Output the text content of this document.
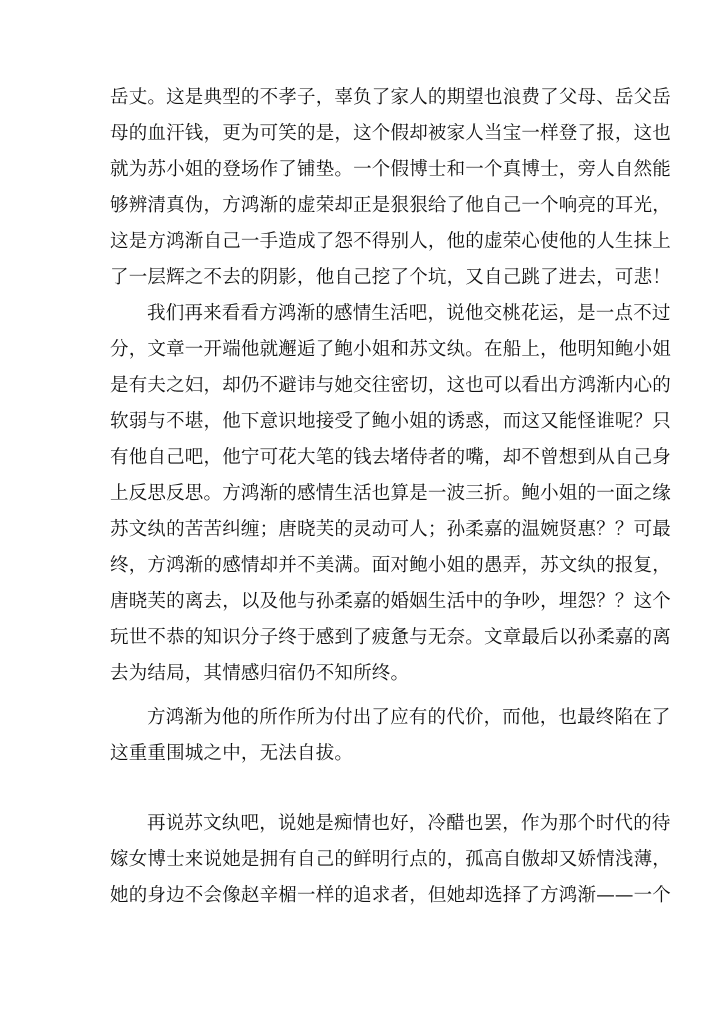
岳丈。这是典型的不孝子，辜负了家人的期望也浪费了父母、岳父岳
母的血汗钱，更为可笑的是，这个假却被家人当宝一样登了报，这也
就为苏小姐的登场作了铺垫。一个假博士和一个真博士，旁人自然能
够辨清真伪，方鸿渐的虚荣却正是狠狠给了他自己一个响亮的耳光，
这是方鸿渐自己一手造成了怨不得别人，他的虚荣心使他的人生抹上
了一层辉之不去的阴影，他自己挖了个坑，又自己跳了进去，可悲！
我们再来看看方鸿渐的感情生活吧，说他交桃花运，是一点不过
分，文章一开端他就邂逅了鲍小姐和苏文纨。在船上，他明知鲍小姐
是有夫之妇，却仍不避讳与她交往密切，这也可以看出方鸿渐内心的
软弱与不堪，他下意识地接受了鲍小姐的诱惑，而这又能怪谁呢？只
有他自己吧，他宁可花大笔的钱去堵侍者的嘴，却不曾想到从自己身
上反思反思。方鸿渐的感情生活也算是一波三折。鲍小姐的一面之缘
苏文纨的苦苦纠缠；唐晓芙的灵动可人；孙柔嘉的温婉贤惠？？可最
终，方鸿渐的感情却并不美满。面对鲍小姐的愚弄，苏文纨的报复，
唐晓芙的离去，以及他与孙柔嘉的婚姻生活中的争吵，埋怨？？这个
玩世不恭的知识分子终于感到了疲惫与无奈。文章最后以孙柔嘉的离
去为结局，其情感归宿仍不知所终。
方鸿渐为他的所作所为付出了应有的代价，而他，也最终陷在了
这重重围城之中，无法自拔。
再说苏文纨吧，说她是痴情也好，冷醋也罢，作为那个时代的待
嫁女博士来说她是拥有自己的鲜明行点的，孤高自傲却又娇情浅薄，
她的身边不会像赵辛楣一样的追求者，但她却选择了方鸿渐——一个
